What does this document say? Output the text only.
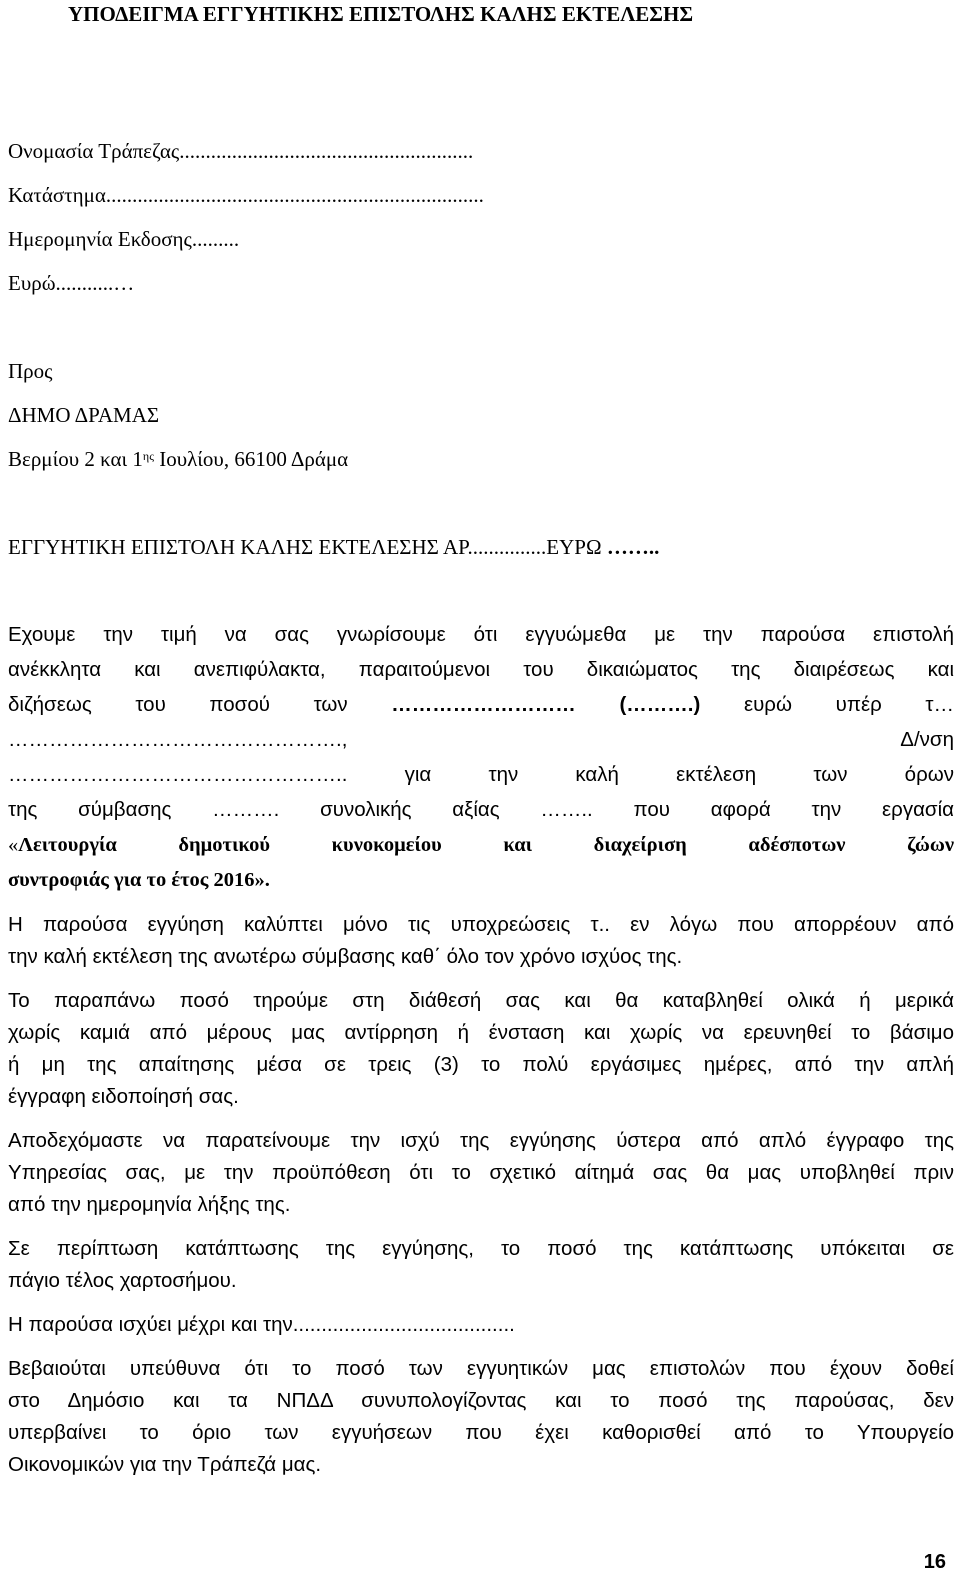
ΥΠΟΔΕΙΓΜΑ ΕΓΓΥΗΤΙΚΗΣ ΕΠΙΣΤΟΛΗΣ ΚΑΛΗΣ ΕΚΤΕΛΕΣΗΣ
Ονομασία Τράπεζας........................................................
Κατάστημα........................................................................
Ημερομηνία Εκδοσης.........
Ευρώ...........…
Προς
ΔΗΜΟ ΔΡΑΜΑΣ
Βερμίου 2 και $1^{\eta\varsigma}$ Ιουλίου, 66100 Δράμα
ΕΓΓΥΗΤΙΚΗ ΕΠΙΣΤΟΛΗ ΚΑΛΗΣ ΕΚΤΕΛΕΣΗΣ ΑΡ...............ΕΥΡΩ ……..
Εχουμε την τιμή να σας γνωρίσουμε ότι εγγυώμεθα με την παρούσα επιστολή
ανέκκλητα και ανεπιφύλακτα, παραιτούμενοι του δικαιώματος της διαιρέσεως και
διζήσεως του ποσού των ……………………… (……….) ευρώ υπέρ τ…
………………………………………….,	Δ/νση
………………………………………….. για την καλή εκτέλεση των όρων
της σύμβασης ………. συνολικής αξίας …….. που αφορά την εργασία
«Λειτουργία δημοτικού κυνοκομείου και διαχείριση αδέσποτων ζώων
συντροφιάς για το έτος 2016».
Η παρούσα εγγύηση καλύπτει μόνο τις υποχρεώσεις τ.. εν λόγω που απορρέουν από
την καλή εκτέλεση της ανωτέρω σύμβασης καθ΄ όλο τον χρόνο ισχύος της.
Το παραπάνω ποσό τηρούμε στη διάθεσή σας και θα καταβληθεί ολικά ή μερικά
χωρίς καμιά από μέρους μας αντίρρηση ή ένσταση και χωρίς να ερευνηθεί το βάσιμο
ή μη της απαίτησης μέσα σε τρεις (3) το πολύ εργάσιμες ημέρες, από την απλή
έγγραφη ειδοποίησή σας.
Αποδεχόμαστε να παρατείνουμε την ισχύ της εγγύησης ύστερα από απλό έγγραφο της
Υπηρεσίας σας, με την προϋπόθεση ότι το σχετικό αίτημά σας θα μας υποβληθεί πριν
από την ημερομηνία λήξης της.
Σε περίπτωση κατάπτωσης της εγγύησης, το ποσό της κατάπτωσης υπόκειται σε
πάγιο τέλος χαρτοσήμου.
Η παρούσα ισχύει μέχρι και την.......................................
Βεβαιούται υπεύθυνα ότι το ποσό των εγγυητικών μας επιστολών που έχουν δοθεί
στο Δημόσιο και τα ΝΠΔΔ συνυπολογίζοντας και το ποσό της παρούσας, δεν
υπερβαίνει το όριο των εγγυήσεων που έχει καθορισθεί από το Υπουργείο
Οικονομικών για την Τράπεζά μας.
16
